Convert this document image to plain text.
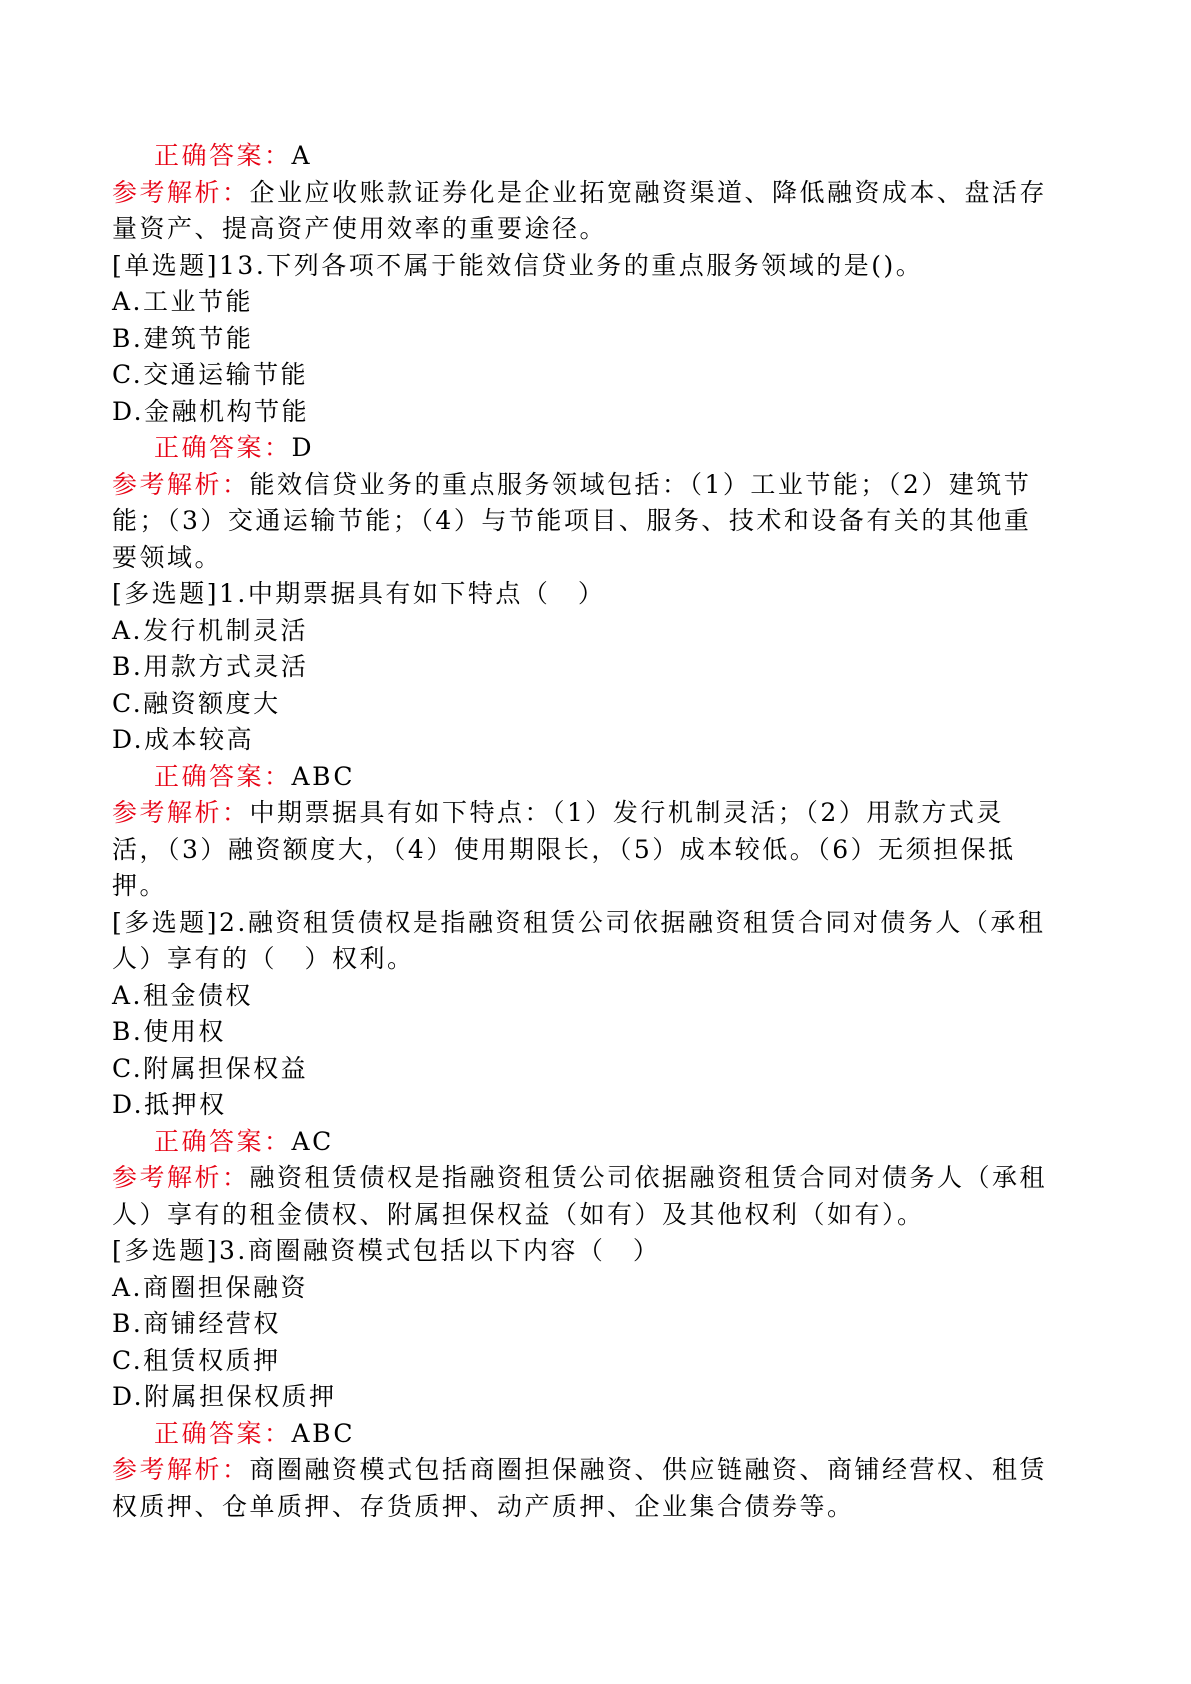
正确答案：A
参考解析：企业应收账款证券化是企业拓宽融资渠道、降低融资成本、盘活存
量资产、提高资产使用效率的重要途径。
[单选题]13.下列各项不属于能效信贷业务的重点服务领域的是()。
A.工业节能
B.建筑节能
C.交通运输节能
D.金融机构节能
正确答案：D
参考解析：能效信贷业务的重点服务领域包括：（1）工业节能；（2）建筑节
能；（3）交通运输节能；（4）与节能项目、服务、技术和设备有关的其他重
要领域。
[多选题]1.中期票据具有如下特点（　）
A.发行机制灵活
B.用款方式灵活
C.融资额度大
D.成本较高
正确答案：ABC
参考解析：中期票据具有如下特点：（1）发行机制灵活；（2）用款方式灵
活，（3）融资额度大，（4）使用期限长，（5）成本较低。（6）无须担保抵
押。
[多选题]2.融资租赁债权是指融资租赁公司依据融资租赁合同对债务人（承租
人）享有的（　）权利。
A.租金债权
B.使用权
C.附属担保权益
D.抵押权
正确答案：AC
参考解析：融资租赁债权是指融资租赁公司依据融资租赁合同对债务人（承租
人）享有的租金债权、附属担保权益（如有）及其他权利（如有）。
[多选题]3.商圈融资模式包括以下内容（　）
A.商圈担保融资
B.商铺经营权
C.租赁权质押
D.附属担保权质押
正确答案：ABC
参考解析：商圈融资模式包括商圈担保融资、供应链融资、商铺经营权、租赁
权质押、仓单质押、存货质押、动产质押、企业集合债券等。
